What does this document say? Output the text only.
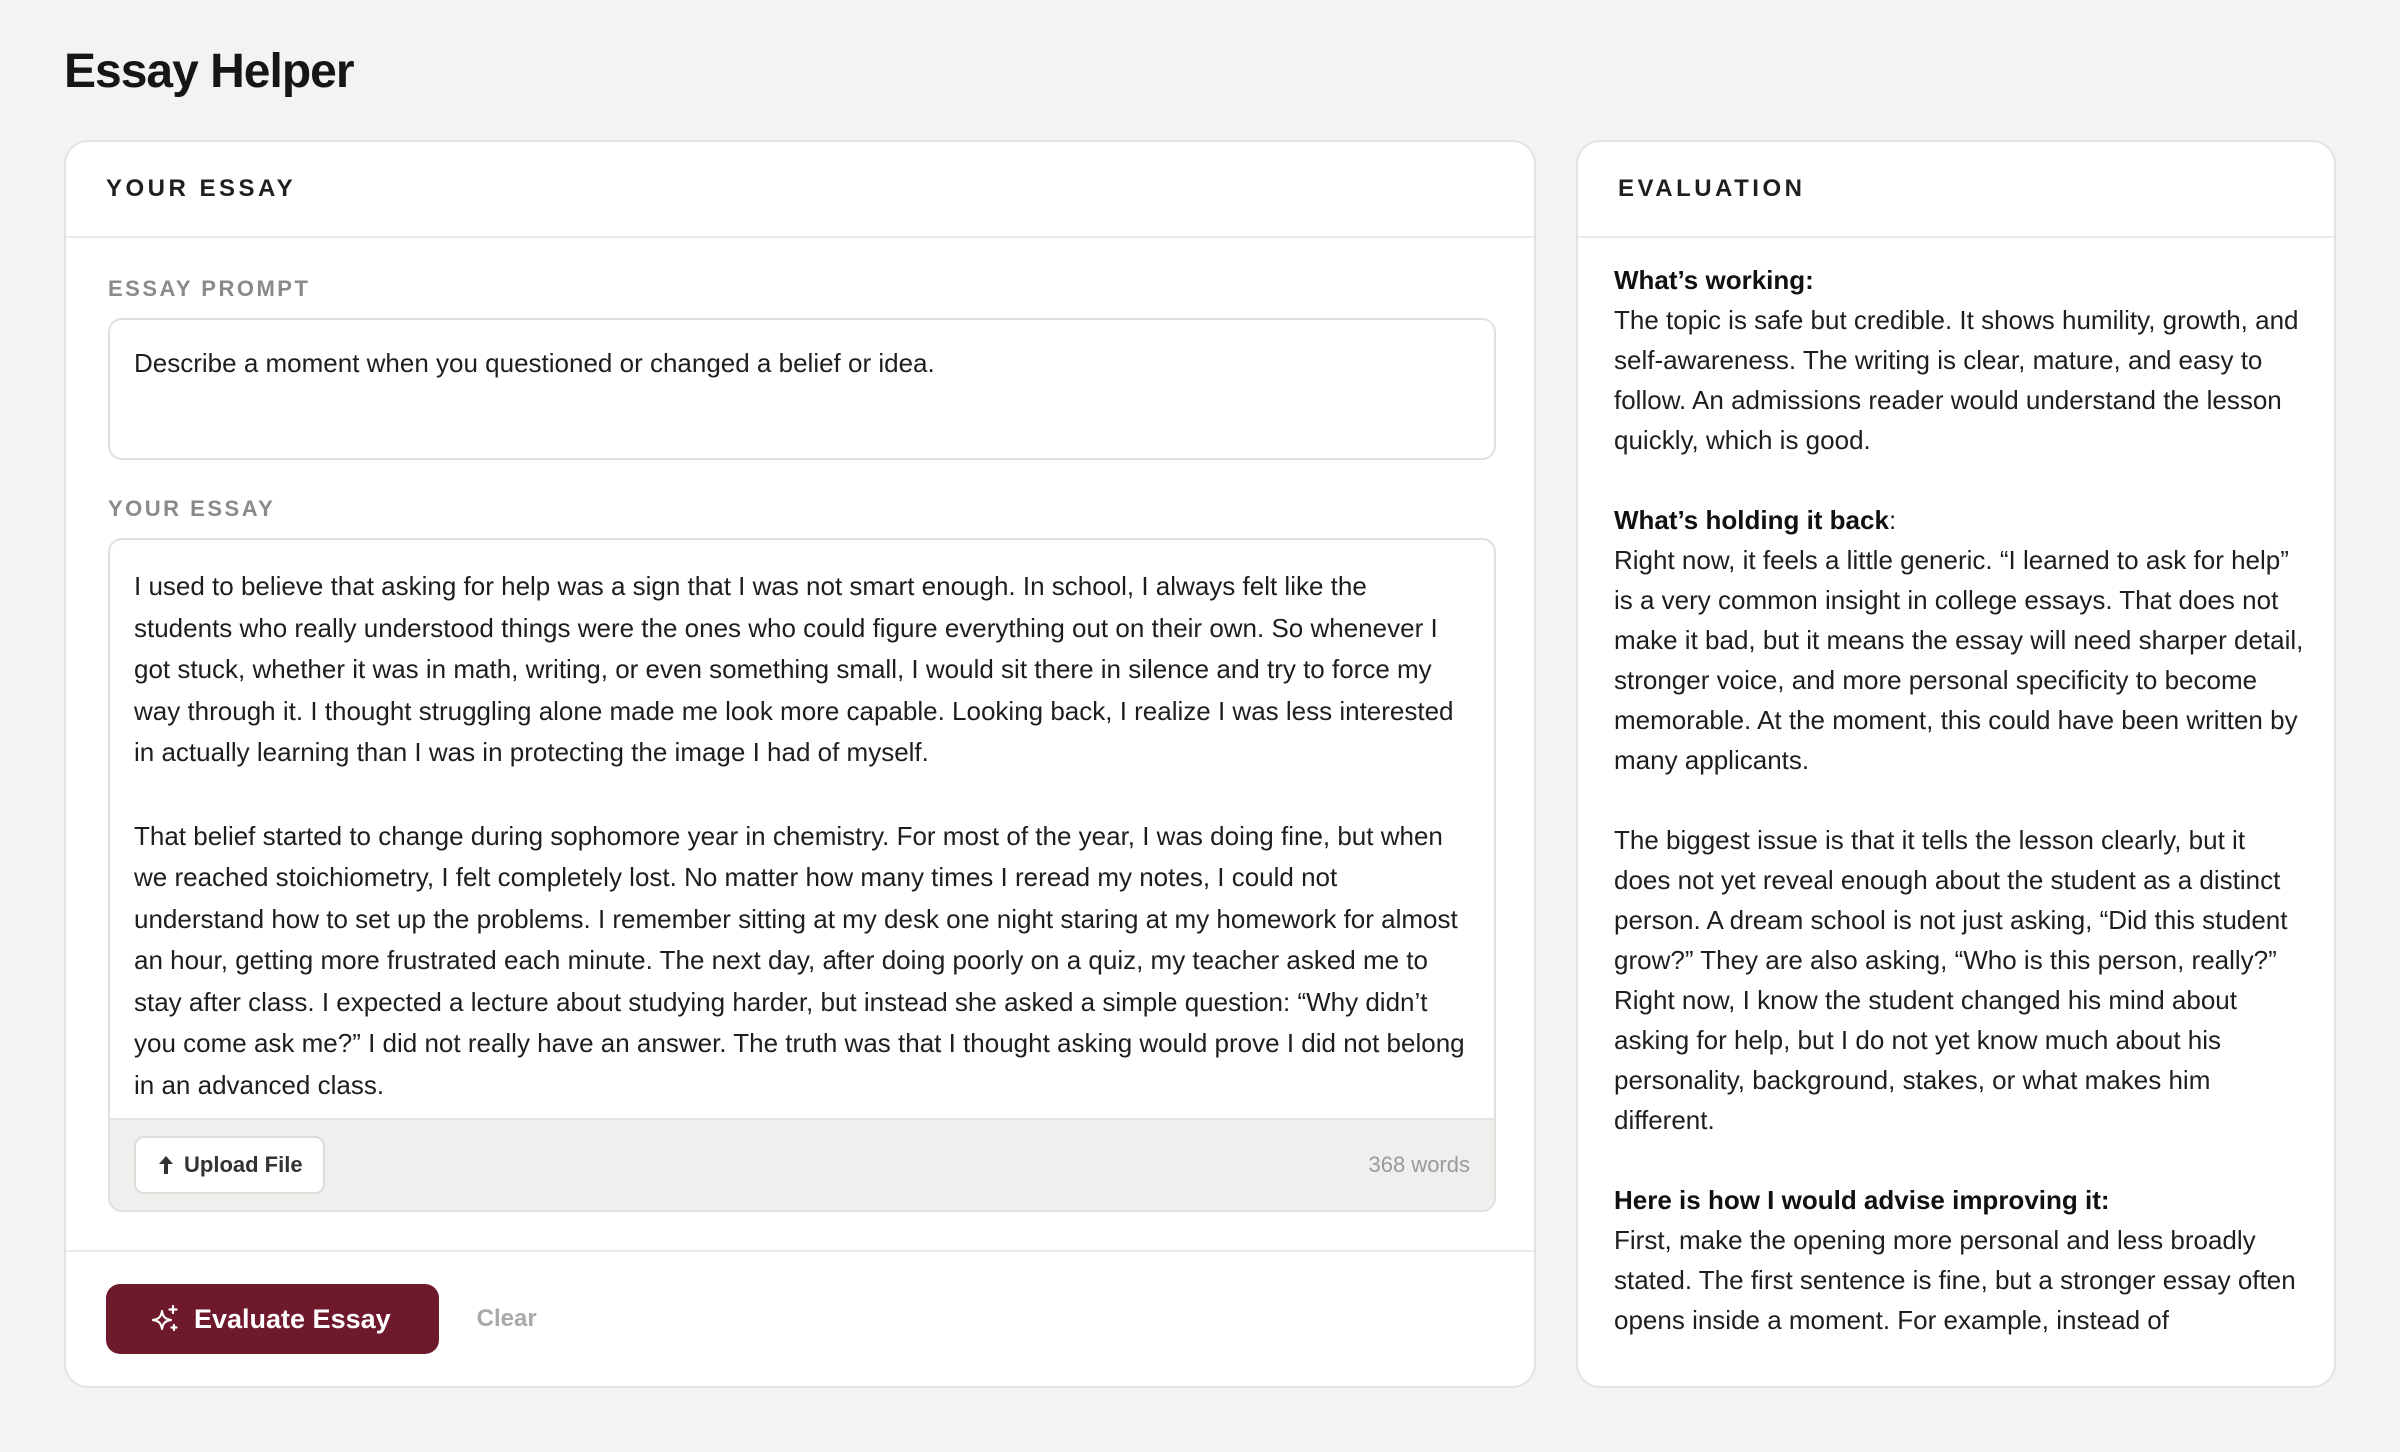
Essay Helper
YOUR ESSAY
ESSAY PROMPT
Describe a moment when you questioned or changed a belief or idea.
YOUR ESSAY

I used to believe that asking for help was a sign that I was not smart enough. In school, I always felt like the students who really understood things were the ones who could figure everything out on their own. So whenever I got stuck, whether it was in math, writing, or even something small, I would sit there in silence and try to force my way through it. I thought struggling alone made me look more capable. Looking back, I realize I was less interested in actually learning than I was in protecting the image I had of myself.

That belief started to change during sophomore year in chemistry. For most of the year, I was doing fine, but when we reached stoichiometry, I felt completely lost. No matter how many times I reread my notes, I could not understand how to set up the problems. I remember sitting at my desk one night staring at my homework for almost an hour, getting more frustrated each minute. The next day, after doing poorly on a quiz, my teacher asked me to stay after class. I expected a lecture about studying harder, but instead she asked a simple question: “Why didn’t you come ask me?” I did not really have an answer. The truth was that I thought asking would prove I did not belong in an advanced class.

Upload File	368 words
Evaluate Essay	Clear
EVALUATION

What’s working:
The topic is safe but credible. It shows humility, growth, and self-awareness. The writing is clear, mature, and easy to follow. An admissions reader would understand the lesson quickly, which is good.

What’s holding it back:
Right now, it feels a little generic. “I learned to ask for help” is a very common insight in college essays. That does not make it bad, but it means the essay will need sharper detail, stronger voice, and more personal specificity to become memorable. At the moment, this could have been written by many applicants.

The biggest issue is that it tells the lesson clearly, but it does not yet reveal enough about the student as a distinct person. A dream school is not just asking, “Did this student grow?” They are also asking, “Who is this person, really?” Right now, I know the student changed his mind about asking for help, but I do not yet know much about his personality, background, stakes, or what makes him different.

Here is how I would advise improving it:
First, make the opening more personal and less broadly stated. The first sentence is fine, but a stronger essay often opens inside a moment. For example, instead of
